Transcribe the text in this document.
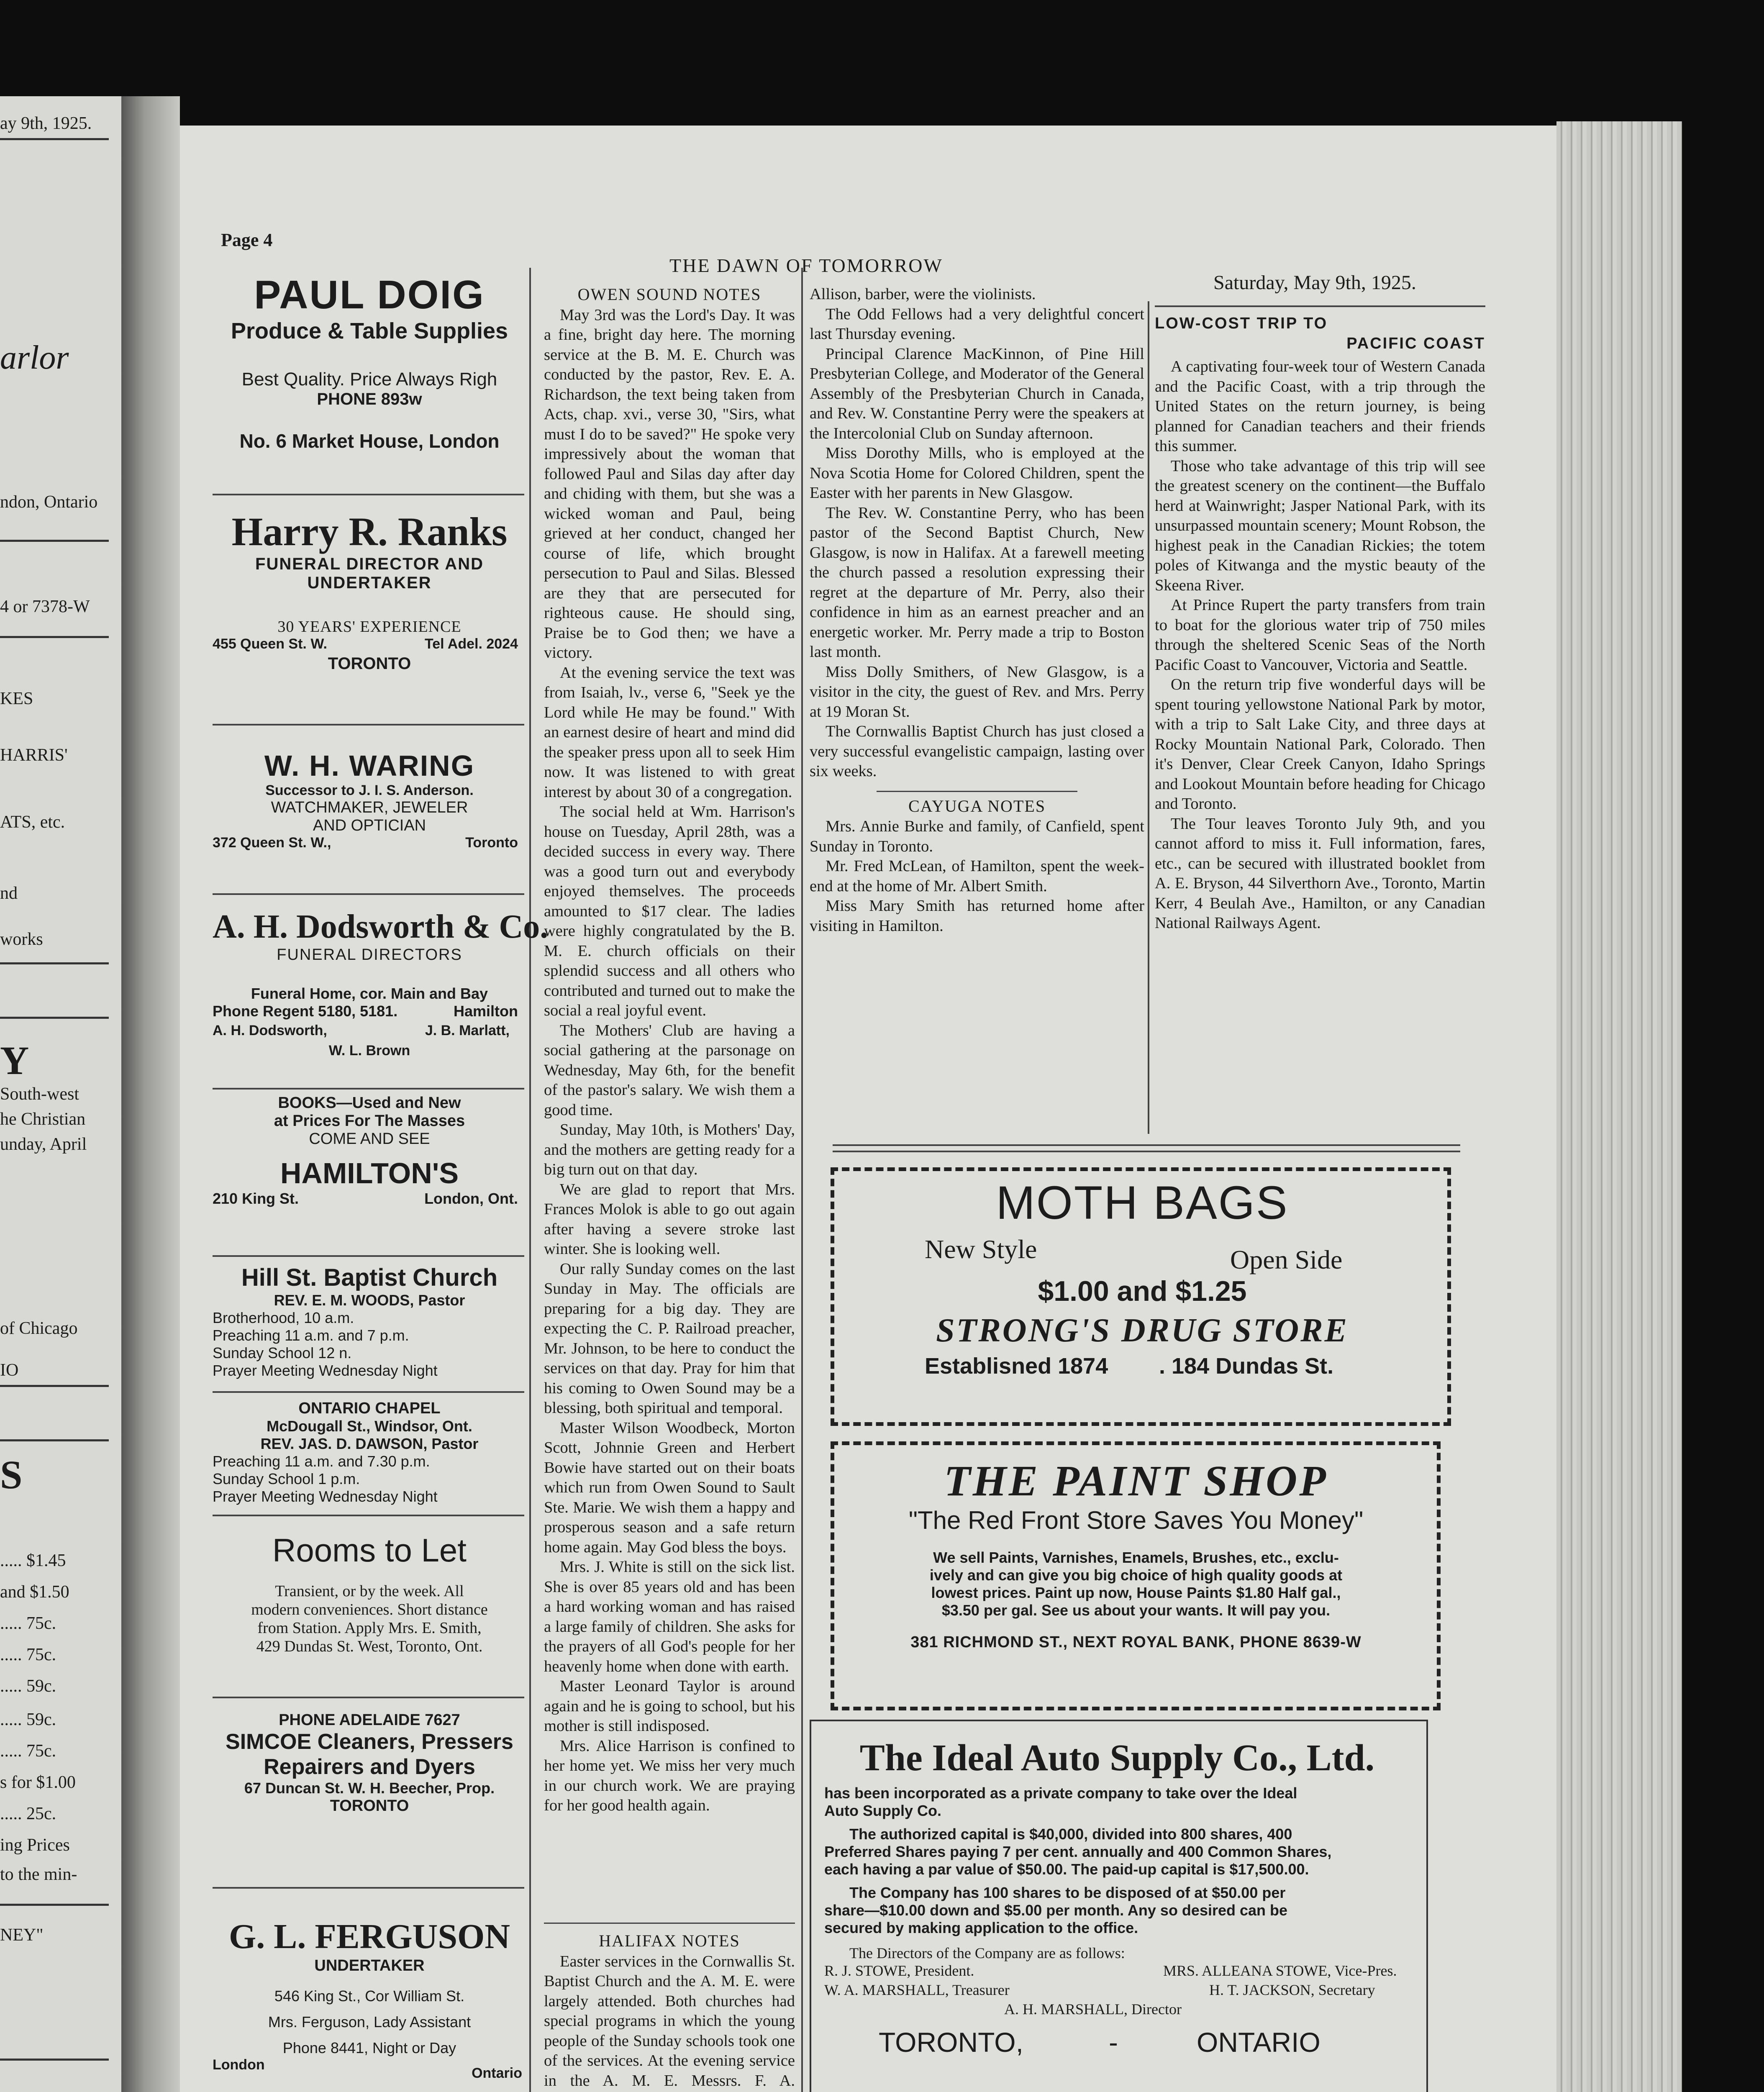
ay 9th, 1925.
arlor
ndon, Ontario
4 or 7378-W
KES
HARRIS'
ATS, etc.
nd
works
Y
South-west
he Christian
unday, April
of Chicago
IO
S
..... $1.45
and $1.50
..... 75c.
..... 75c.
..... 59c.
..... 59c.
..... 75c.
s for $1.00
..... 25c.
ing Prices
to the min-
NEY"
Page 4
THE DAWN OF TOMORROW
Saturday, May 9th, 1925.
PAUL DOIG
Produce & Table Supplies
Best Quality. Price Always Righ
PHONE 893w
No. 6 Market House, London
Harry R. Ranks
FUNERAL DIRECTOR AND
UNDERTAKER
30 YEARS' EXPERIENCE
455 Queen St. W.	Tel Adel. 2024
TORONTO
W. H. WARING
Successor to J. I. S. Anderson.
WATCHMAKER, JEWELER
AND OPTICIAN
372 Queen St. W.,	Toronto
A. H. Dodsworth & Co.
FUNERAL DIRECTORS
Funeral Home, cor. Main and Bay
Phone Regent 5180, 5181.	Hamilton
A. H. Dodsworth,	J. B. Marlatt,
W. L. Brown
BOOKS—Used and New
at Prices For The Masses
COME AND SEE
HAMILTON'S
210 King St.	London, Ont.
Hill St. Baptist Church
REV. E. M. WOODS, Pastor
Brotherhood, 10 a.m.
Preaching 11 a.m. and 7 p.m.
Sunday School 12 n.
Prayer Meeting Wednesday Night
ONTARIO CHAPEL
McDougall St., Windsor, Ont.
REV. JAS. D. DAWSON, Pastor
Preaching 11 a.m. and 7.30 p.m.
Sunday School 1 p.m.
Prayer Meeting Wednesday Night
Rooms to Let
Transient, or by the week. All
modern conveniences. Short distance
from Station. Apply Mrs. E. Smith,
429 Dundas St. West, Toronto, Ont.
PHONE ADELAIDE 7627
SIMCOE Cleaners, Pressers
Repairers and Dyers
67 Duncan St. W. H. Beecher, Prop.
TORONTO
G. L. FERGUSON
UNDERTAKER
546 King St., Cor William St.
Mrs. Ferguson, Lady Assistant
Phone 8441, Night or Day
London
Ontario

OWEN SOUND NOTES

May 3rd was the Lord's Day. It was a fine, bright day here. The morning service at the B. M. E. Church was conducted by the pastor, Rev. E. A. Richardson, the text being taken from Acts, chap. xvi., verse 30, "Sirs, what must I do to be saved?" He spoke very impressively about the woman that followed Paul and Silas day after day and chiding with them, but she was a wicked woman and Paul, being grieved at her conduct, changed her course of life, which brought persecution to Paul and Silas. Blessed are they that are persecuted for righteous cause. He should sing, Praise be to God then; we have a victory.

At the evening service the text was from Isaiah, lv., verse 6, "Seek ye the Lord while He may be found." With an earnest desire of heart and mind did the speaker press upon all to seek Him now. It was listened to with great interest by about 30 of a congregation.

The social held at Wm. Harrison's house on Tuesday, April 28th, was a decided success in every way. There was a good turn out and everybody enjoyed themselves. The proceeds amounted to $17 clear. The ladies were highly congratulated by the B. M. E. church officials on their splendid success and all others who contributed and turned out to make the social a real joyful event.

The Mothers' Club are having a social gathering at the parsonage on Wednesday, May 6th, for the benefit of the pastor's salary. We wish them a good time.

Sunday, May 10th, is Mothers' Day, and the mothers are getting ready for a big turn out on that day.

We are glad to report that Mrs. Frances Molok is able to go out again after having a severe stroke last winter. She is looking well.

Our rally Sunday comes on the last Sunday in May. The officials are preparing for a big day. They are expecting the C. P. Railroad preacher, Mr. Johnson, to be here to conduct the services on that day. Pray for him that his coming to Owen Sound may be a blessing, both spiritual and temporal.

Master Wilson Woodbeck, Morton Scott, Johnnie Green and Herbert Bowie have started out on their boats which run from Owen Sound to Sault Ste. Marie. We wish them a happy and prosperous season and a safe return home again. May God bless the boys.

Mrs. J. White is still on the sick list. She is over 85 years old and has been a hard working woman and has raised a large family of children. She asks for the prayers of all God's people for her heavenly home when done with earth.

Master Leonard Taylor is around again and he is going to school, but his mother is still indisposed.

Mrs. Alice Harrison is confined to her home yet. We miss her very much in our church work. We are praying for her good health again.

HALIFAX NOTES

Easter services in the Cornwallis St. Baptist Church and the A. M. E. were largely attended. Both churches had special programs in which the young people of the Sunday schools took one of the services. At the evening service in the A. M. E. Messrs. F. A.

Allison, barber, were the violinists.

The Odd Fellows had a very delightful concert last Thursday evening.

Principal Clarence MacKinnon, of Pine Hill Presbyterian College, and Moderator of the General Assembly of the Presbyterian Church in Canada, and Rev. W. Constantine Perry were the speakers at the Intercolonial Club on Sunday afternoon.

Miss Dorothy Mills, who is employed at the Nova Scotia Home for Colored Children, spent the Easter with her parents in New Glasgow.

The Rev. W. Constantine Perry, who has been pastor of the Second Baptist Church, New Glasgow, is now in Halifax. At a farewell meeting the church passed a resolution expressing their regret at the departure of Mr. Perry, also their confidence in him as an earnest preacher and an energetic worker. Mr. Perry made a trip to Boston last month.

Miss Dolly Smithers, of New Glasgow, is a visitor in the city, the guest of Rev. and Mrs. Perry at 19 Moran St.

The Cornwallis Baptist Church has just closed a very successful evangelistic campaign, lasting over six weeks.

CAYUGA NOTES

Mrs. Annie Burke and family, of Canfield, spent Sunday in Toronto.

Mr. Fred McLean, of Hamilton, spent the week-end at the home of Mr. Albert Smith.

Miss Mary Smith has returned home after visiting in Hamilton.

LOW-COST TRIP TO
PACIFIC COAST

A captivating four-week tour of Western Canada and the Pacific Coast, with a trip through the United States on the return journey, is being planned for Canadian teachers and their friends this summer.

Those who take advantage of this trip will see the greatest scenery on the continent—the Buffalo herd at Wainwright; Jasper National Park, with its unsurpassed mountain scenery; Mount Robson, the highest peak in the Canadian Rickies; the totem poles of Kitwanga and the mystic beauty of the Skeena River.

At Prince Rupert the party transfers from train to boat for the glorious water trip of 750 miles through the sheltered Scenic Seas of the North Pacific Coast to Vancouver, Victoria and Seattle.

On the return trip five wonderful days will be spent touring yellowstone National Park by motor, with a trip to Salt Lake City, and three days at Rocky Mountain National Park, Colorado. Then it's Denver, Clear Creek Canyon, Idaho Springs and Lookout Mountain before heading for Chicago and Toronto.

The Tour leaves Toronto July 9th, and you cannot afford to miss it. Full information, fares, etc., can be secured with illustrated booklet from A. E. Bryson, 44 Silverthorn Ave., Toronto, Martin Kerr, 4 Beulah Ave., Hamilton, or any Canadian National Railways Agent.

MOTH BAGS
New Style	Open Side
$1.00 and $1.25
STRONG'S DRUG STORE
Establisned 1874 . 184 Dundas St.
THE PAINT SHOP
"The Red Front Store Saves You Money"
We sell Paints, Varnishes, Enamels, Brushes, etc., exclu-
ively and can give you big choice of high quality goods at
lowest prices. Paint up now, House Paints $1.80 Half gal.,
$3.50 per gal. See us about your wants. It will pay you.
381 RICHMOND ST., NEXT ROYAL BANK, PHONE 8639-W
The Ideal Auto Supply Co., Ltd.
has been incorporated as a private company to take over the Ideal
Auto Supply Co.
The authorized capital is $40,000, divided into 800 shares, 400
Preferred Shares paying 7 per cent. annually and 400 Common Shares,
each having a par value of $50.00. The paid-up capital is $17,500.00.
The Company has 100 shares to be disposed of at $50.00 per
share—$10.00 down and $5.00 per month. Any so desired can be
secured by making application to the office.
The Directors of the Company are as follows:
R. J. STOWE, President.	MRS. ALLEANA STOWE, Vice-Pres.
W. A. MARSHALL, Treasurer	H. T. JACKSON, Secretary
A. H. MARSHALL, Director
TORONTO,	-	ONTARIO
